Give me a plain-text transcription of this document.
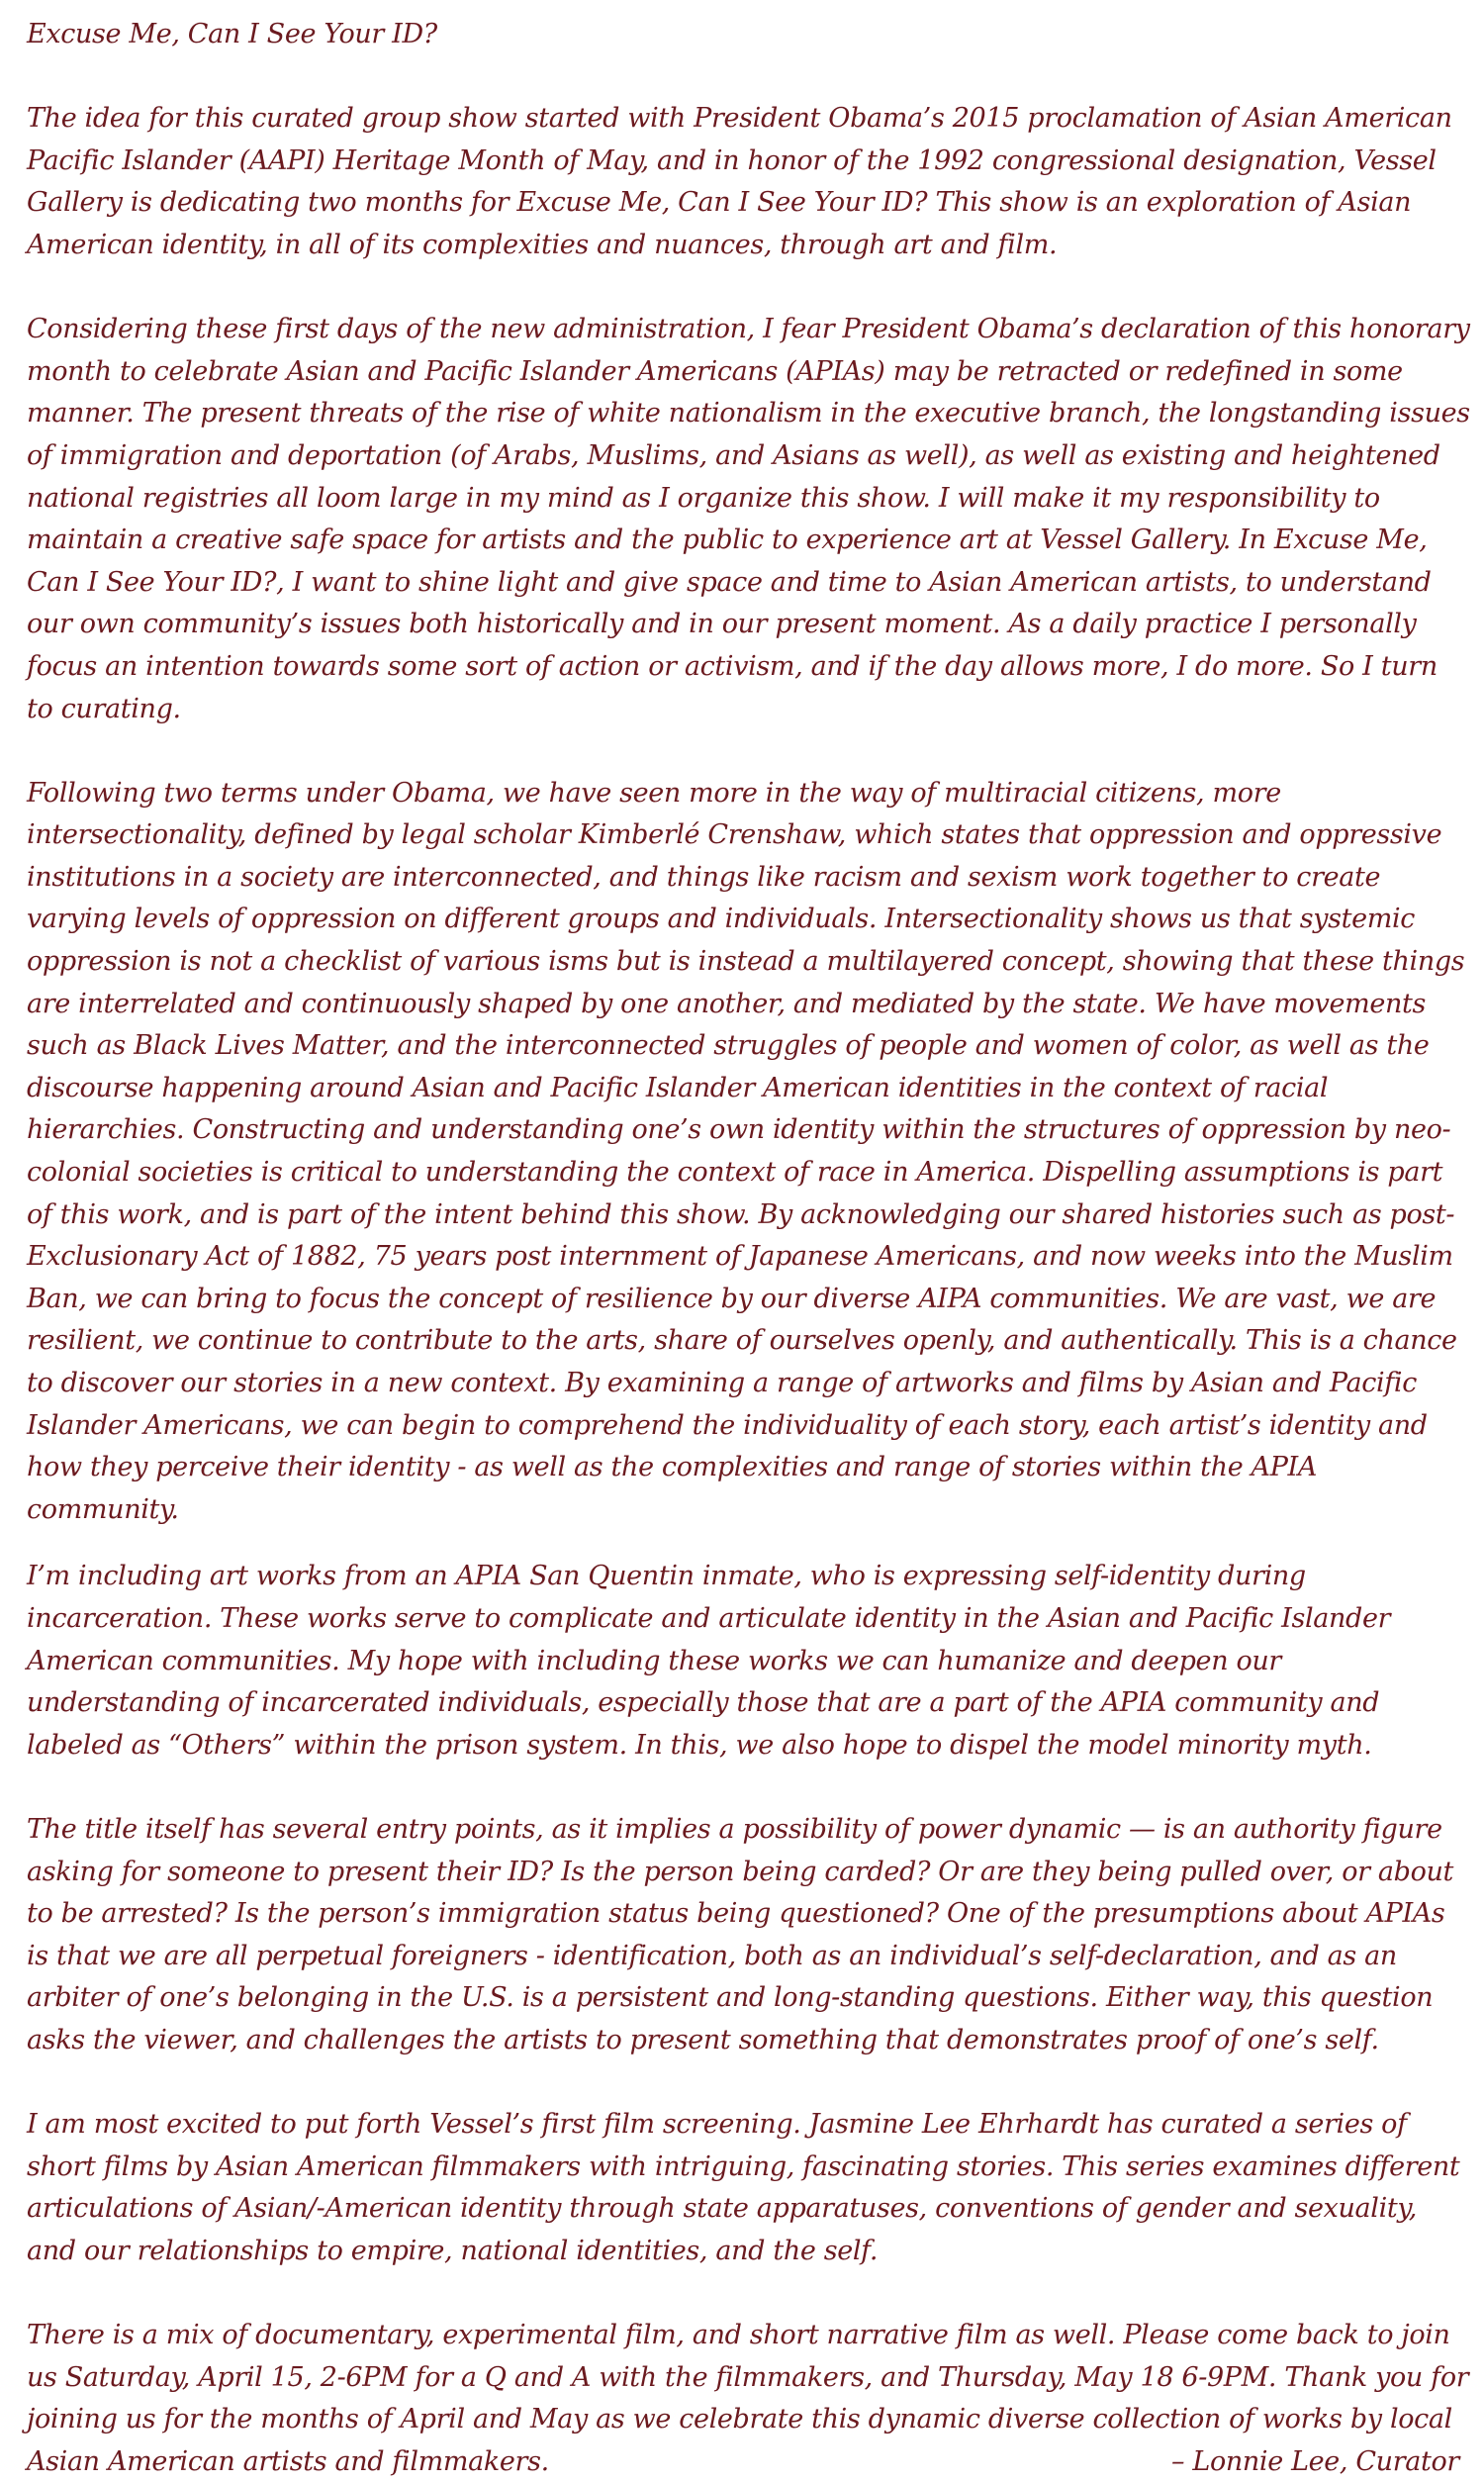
Excuse Me, Can I See Your ID?

The idea for this curated group show started with President Obama’s 2015 proclamation of Asian American Pacific Islander (AAPI) Heritage Month of May, and in honor of the 1992 congressional designation, Vessel Gallery is dedicating two months for Excuse Me, Can I See Your ID? This show is an exploration of Asian American identity, in all of its complexities and nuances, through art and film.

Considering these first days of the new administration, I fear President Obama’s declaration of this honorary month to celebrate Asian and Pacific Islander Americans (APIAs) may be retracted or redefined in some manner. The present threats of the rise of white nationalism in the executive branch, the longstanding issues of immigration and deportation (of Arabs, Muslims, and Asians as well), as well as existing and heightened national registries all loom large in my mind as I organize this show. I will make it my responsibility to maintain a creative safe space for artists and the public to experience art at Vessel Gallery. In Excuse Me, Can I See Your ID?, I want to shine light and give space and time to Asian American artists, to understand our own community’s issues both historically and in our present moment. As a daily practice I personally focus an intention towards some sort of action or activism, and if the day allows more, I do more. So I turn to curating.

Following two terms under Obama, we have seen more in the way of multiracial citizens, more intersectionality, defined by legal scholar Kimberlé Crenshaw, which states that oppression and oppressive institutions in a society are interconnected, and things like racism and sexism work together to create varying levels of oppression on different groups and individuals. Intersectionality shows us that systemic oppression is not a checklist of various isms but is instead a multilayered concept, showing that these things are interrelated and continuously shaped by one another, and mediated by the state. We have movements such as Black Lives Matter, and the interconnected struggles of people and women of color, as well as the discourse happening around Asian and Pacific Islander American identities in the context of racial hierarchies. Constructing and understanding one’s own identity within the structures of oppression by neo-colonial societies is critical to understanding the context of race in America. Dispelling assumptions is part of this work, and is part of the intent behind this show. By acknowledging our shared histories such as post-Exclusionary Act of 1882, 75 years post internment of Japanese Americans, and now weeks into the Muslim Ban, we can bring to focus the concept of resilience by our diverse AIPA communities. We are vast, we are resilient, we continue to contribute to the arts, share of ourselves openly, and authentically. This is a chance to discover our stories in a new context. By examining a range of artworks and films by Asian and Pacific Islander Americans, we can begin to comprehend the individuality of each story, each artist’s identity and how they perceive their identity - as well as the complexities and range of stories within the APIA community.

I’m including art works from an APIA San Quentin inmate, who is expressing self-identity during incarceration. These works serve to complicate and articulate identity in the Asian and Pacific Islander American communities. My hope with including these works we can humanize and deepen our understanding of incarcerated individuals, especially those that are a part of the APIA community and labeled as “Others” within the prison system. In this, we also hope to dispel the model minority myth.

The title itself has several entry points, as it implies a possibility of power dynamic — is an authority figure asking for someone to present their ID? Is the person being carded? Or are they being pulled over, or about to be arrested? Is the person’s immigration status being questioned? One of the presumptions about APIAs is that we are all perpetual foreigners - identification, both as an individual’s self-declaration, and as an arbiter of one’s belonging in the U.S. is a persistent and long-standing questions. Either way, this question asks the viewer, and challenges the artists to present something that demonstrates proof of one’s self.

I am most excited to put forth Vessel’s first film screening. Jasmine Lee Ehrhardt has curated a series of short films by Asian American filmmakers with intriguing, fascinating stories. This series examines different articulations of Asian/-American identity through state apparatuses, conventions of gender and sexuality, and our relationships to empire, national identities, and the self.

There is a mix of documentary, experimental film, and short narrative film as well. Please come back to join us Saturday, April 15, 2-6PM for a Q and A with the filmmakers, and Thursday, May 18 6-9PM. Thank you for joining us for the months of April and May as we celebrate this dynamic diverse collection of works by local Asian American artists and filmmakers.	– Lonnie Lee, Curator
